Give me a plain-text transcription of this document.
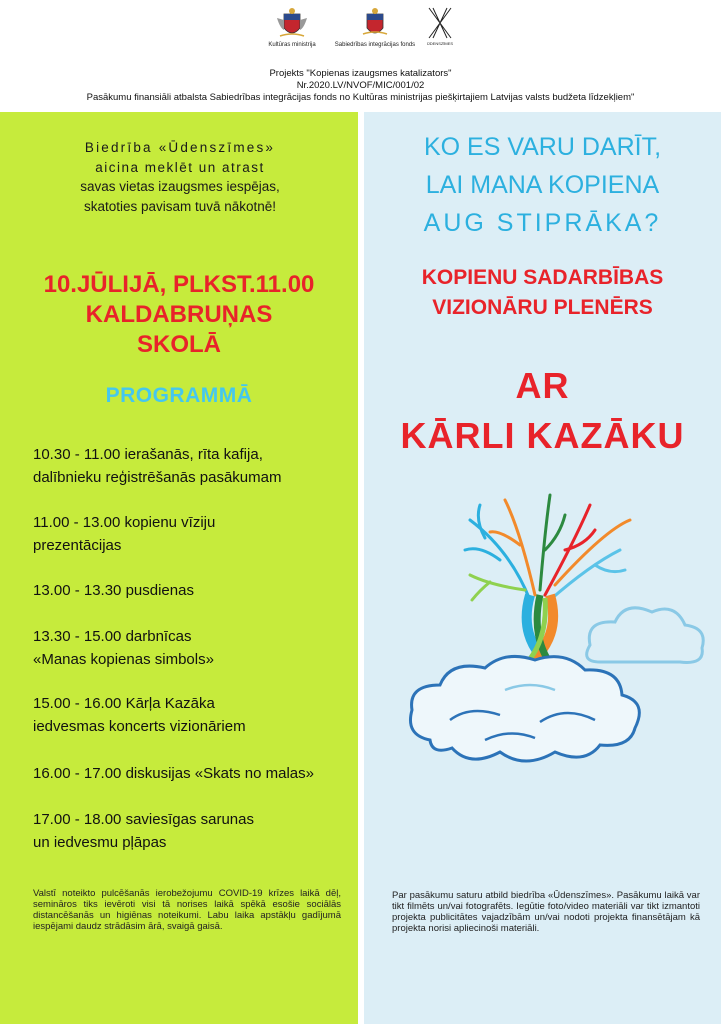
Kultūras ministrija	Sabiedrības integrācijas fonds	ŪDENSZĪMES
Projekts "Kopienas izaugsmes katalizators"
Nr.2020.LV/NVOF/MIC/001/02
Pasākumu finansiāli atbalsta Sabiedrības integrācijas fonds no Kultūras ministrijas piešķirtajiem Latvijas valsts budžeta līdzekļiem"
Biedrība «Ūdenszīmes»
aicina meklēt un atrast
savas vietas izaugsmes iespējas,
skatoties pavisam tuvā nākotnē!
10.JŪLIJĀ, PLKST.11.00
KALDABRUŅAS
SKOLĀ
PROGRAMMĀ
10.30 - 11.00 ierašanās, rīta kafija,
dalībnieku reģistrēšanās pasākumam
11.00 - 13.00 kopienu vīziju
prezentācijas
13.00 - 13.30 pusdienas
13.30 - 15.00 darbnīcas
«Manas kopienas simbols»
15.00 - 16.00 Kārļa Kazāka
iedvesmas koncerts vizionāriem
16.00 - 17.00 diskusijas «Skats no malas»
17.00 - 18.00 saviesīgas sarunas
un iedvesmu pļāpas
Valstī noteikto pulcēšanās ierobežojumu COVID-19 krīzes laikā dēļ, semināros tiks ievēroti visi tā norises laikā spēkā esošie sociālās distancēšanās un higiēnas noteikumi. Labu laika apstākļu gadījumā iespējami daudz strādāsim ārā, svaigā gaisā.
KO ES VARU DARĪT,
LAI MANA KOPIENA
AUG STIPRĀKA?
KOPIENU SADARBĪBAS
VIZIONĀRU PLENĒRS
AR
KĀRLI KAZĀKU
Par pasākumu saturu atbild biedrība «Ūdenszīmes». Pasākumu laikā var tikt filmēts un/vai fotografēts. Iegūtie foto/video materiāli var tikt izmantoti projekta publicitātes vajadzībām un/vai nodoti projekta finansētājam kā projekta norisi apliecinoši materiāli.
